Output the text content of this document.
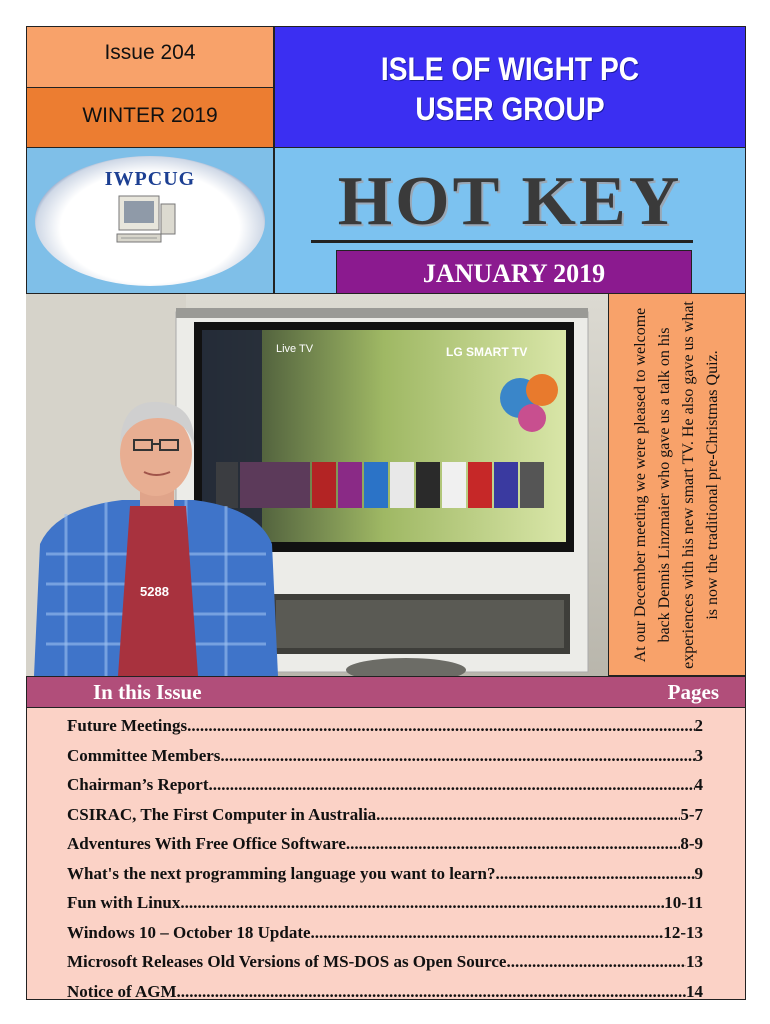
Issue 204
WINTER 2019
ISLE OF WIGHT PC USER GROUP
IWPCUG	HOT KEY
JANUARY 2019
Live TV	LG SMART TV
5288	At our December meeting we were pleased to welcome back Dennis Linzmaier who gave us a talk on his experiences with his new smart TV. He also gave us what is now the traditional pre-Christmas Quiz.
In this Issue	Pages
Future Meetings .....	2
Committee Members .....	3
Chairman’s Report .....	4
CSIRAC, The First Computer in Australia .....	5-7
Adventures With Free Office Software .....	8-9
What's the next programming language you want to learn? .....	9
Fun with Linux .....	10-11
Windows 10 – October 18 Update .....	12-13
Microsoft Releases Old Versions of MS-DOS as Open Source .....	13
Notice of AGM .....	14
